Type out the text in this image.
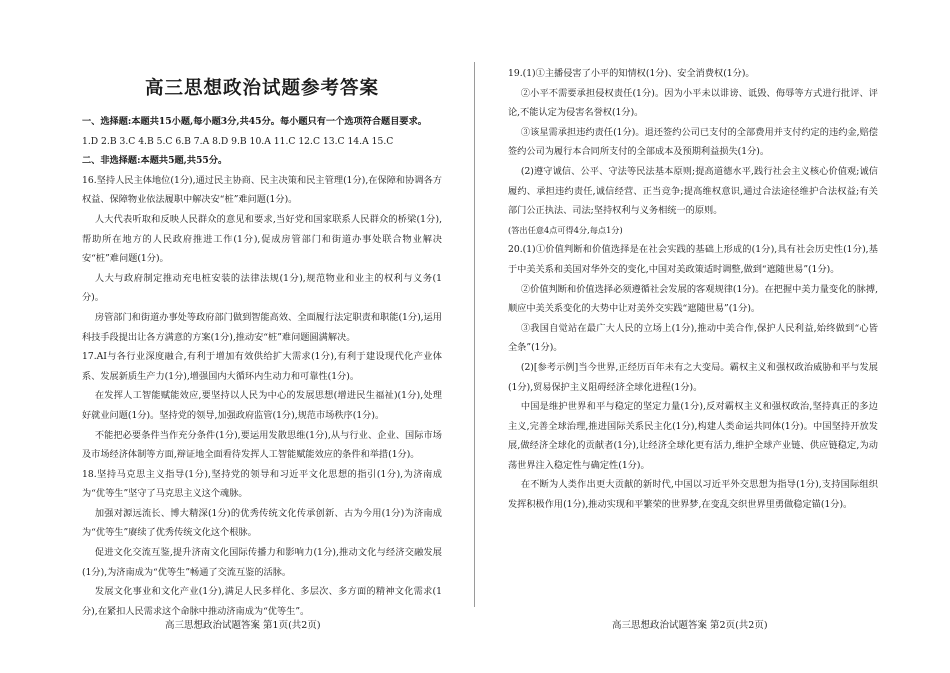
高三思想政治试题参考答案
一、选择题:本题共15小题,每小题3分,共45分。每小题只有一个选项符合题目要求。
1.D 2.B 3.C 4.B 5.C 6.B 7.A 8.D 9.B 10.A 11.C 12.C 13.C 14.A 15.C
二、非选择题:本题共5题,共55分。
16.坚持人民主体地位(1分),通过民主协商、民主决策和民主管理(1分),在保障和协调各方权益、保障物业依法履职中解决安“桩”难问题(1分)。
人大代表听取和反映人民群众的意见和要求,当好党和国家联系人民群众的桥梁(1分),帮助所在地方的人民政府推进工作(1分),促成房管部门和街道办事处联合物业解决安“桩”难问题(1分)。
人大与政府制定推动充电桩安装的法律法规(1分),规范物业和业主的权利与义务(1分)。
房管部门和街道办事处等政府部门做到智能高效、全面履行法定职责和职能(1分),运用科技手段提出让各方满意的方案(1分),推动安“桩”难问题圆满解决。
17.AI与各行业深度融合,有利于增加有效供给扩大需求(1分),有利于建设现代化产业体系、发展新质生产力(1分),增强国内大循环内生动力和可靠性(1分)。
在发挥人工智能赋能效应,要坚持以人民为中心的发展思想(增进民生福祉)(1分),处理好就业问题(1分)。坚持党的领导,加强政府监管(1分),规范市场秩序(1分)。
不能把必要条件当作充分条件(1分),要运用发散思维(1分),从与行业、企业、国际市场及市场经济体制等方面,辩证地全面看待发挥人工智能赋能效应的条件和举措(1分)。
18.坚持马克思主义指导(1分),坚持党的领导和习近平文化思想的指引(1分),为济南成为“优等生”坚守了马克思主义这个魂脉。
加强对源远流长、博大精深(1分)的优秀传统文化传承创新、古为今用(1分)为济南成为“优等生”赓续了优秀传统文化这个根脉。
促进文化交流互鉴,提升济南文化国际传播力和影响力(1分),推动文化与经济交融发展(1分),为济南成为“优等生”畅通了交流互鉴的活脉。
发展文化事业和文化产业(1分),满足人民多样化、多层次、多方面的精神文化需求(1分),在紧扣人民需求这个命脉中推动济南成为“优等生”。
高三思想政治试题答案 第1页(共2页)
19.(1)①主播侵害了小平的知情权(1分)、安全消费权(1分)。
②小平不需要承担侵权责任(1分)。因为小平未以诽谤、诋毁、侮辱等方式进行批评、评论,不能认定为侵害名誉权(1分)。
③该星需承担违约责任(1分)。退还签约公司已支付的全部费用并支付约定的违约金,赔偿签约公司为履行本合同所支付的全部成本及预期利益损失(1分)。
(2)遵守诚信、公平、守法等民法基本原则;提高道德水平,践行社会主义核心价值观;诚信履约、承担违约责任,诚信经营、正当竞争;提高维权意识,通过合法途径维护合法权益;有关部门公正执法、司法;坚持权利与义务相统一的原则。
(答出任意4点可得4分,每点1分)
20.(1)①价值判断和价值选择是在社会实践的基础上形成的(1分),具有社会历史性(1分),基于中美关系和美国对华外交的变化,中国对美政策适时调整,做到“遮随世易”(1分)。
②价值判断和价值选择必须遵循社会发展的客观规律(1分)。在把握中美力量变化的脉搏,顺应中美关系变化的大势中让对美外交实践“遮随世易”(1分)。
③我国自觉站在最广大人民的立场上(1分),推动中美合作,保护人民利益,始终做到“心皆全条”(1分)。
(2)[参考示例]当今世界,正经历百年未有之大变局。霸权主义和强权政治威胁和平与发展(1分),贸易保护主义阻碍经济全球化进程(1分)。
中国是维护世界和平与稳定的坚定力量(1分),反对霸权主义和强权政治,坚持真正的多边主义,完善全球治理,推进国际关系民主化(1分),构建人类命运共同体(1分)。中国坚持开放发展,做经济全球化的贡献者(1分),让经济全球化更有活力,维护全球产业链、供应链稳定,为动荡世界注入稳定性与确定性(1分)。
在不断为人类作出更大贡献的新时代,中国以习近平外交思想为指导(1分),支持国际组织发挥积极作用(1分),推动实现和平繁荣的世界梦,在变乱交织世界里勇做稳定锚(1分)。
高三思想政治试题答案 第2页(共2页)
